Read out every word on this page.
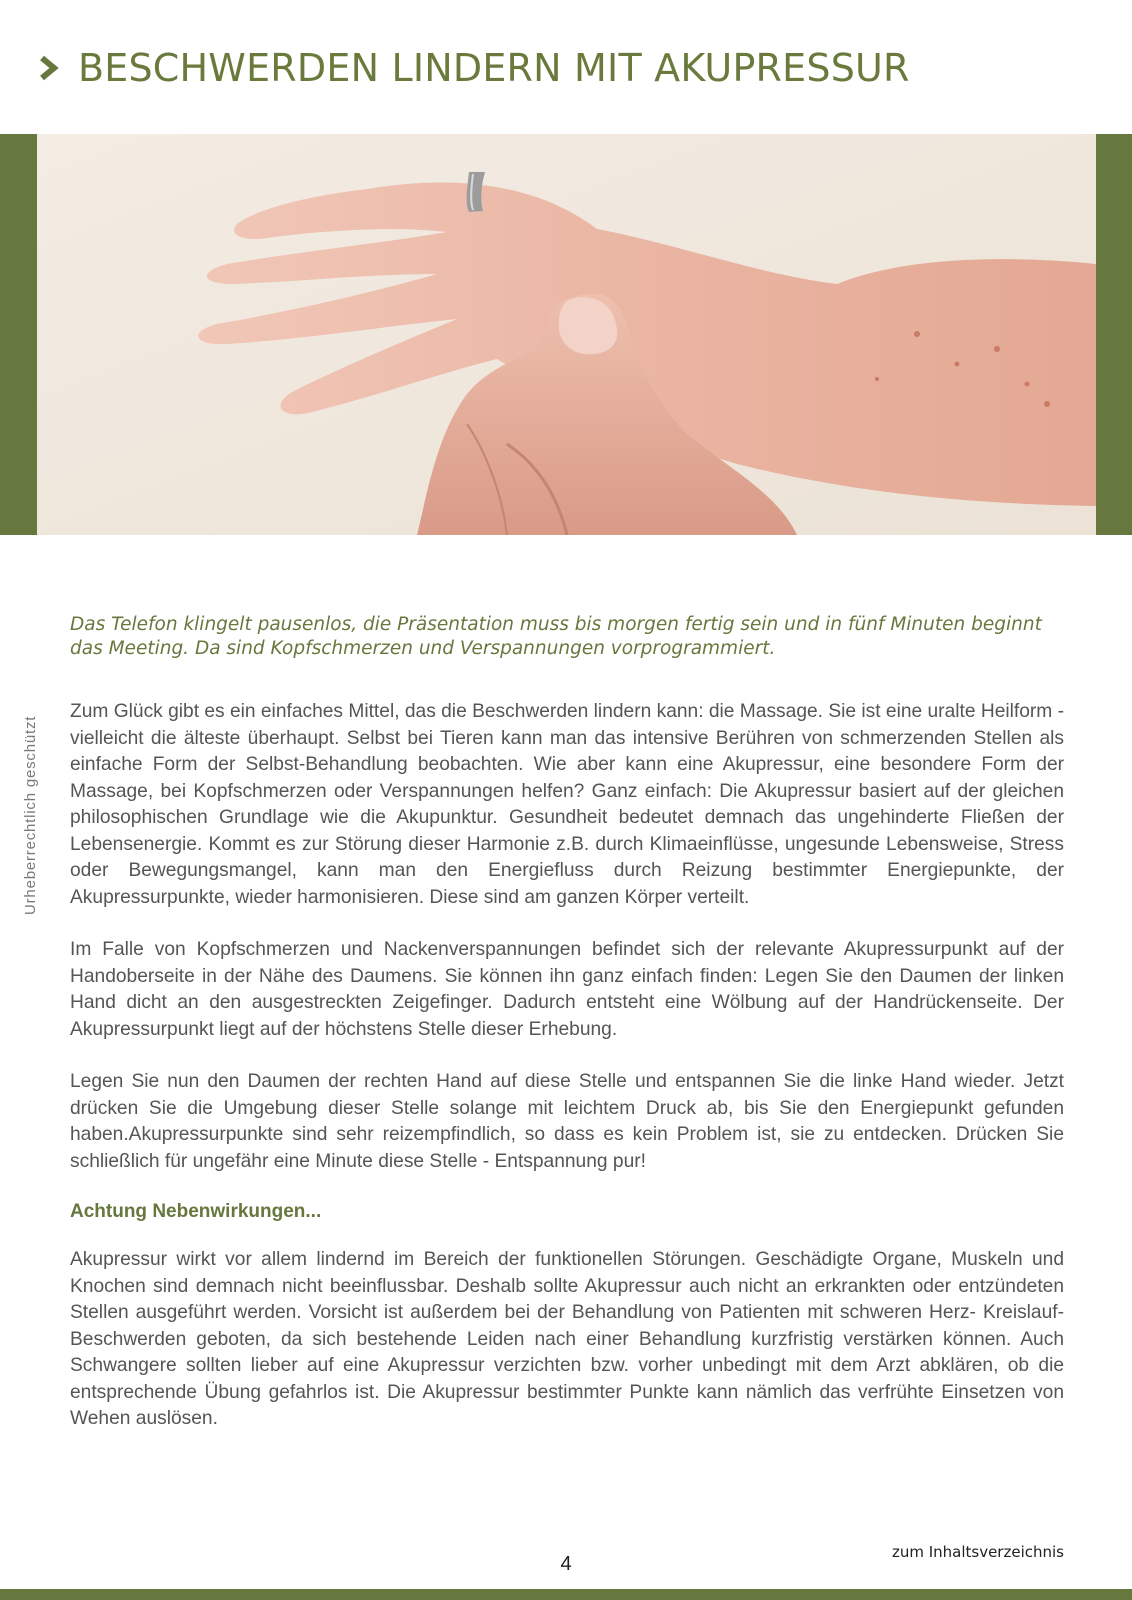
BESCHWERDEN LINDERN MIT AKUPRESSUR
Urheberrechtlich geschützt

Das Telefon klingelt pausenlos, die Präsentation muss bis morgen fertig sein und in fünf Minuten beginnt das Meeting. Da sind Kopfschmerzen und Verspannungen vorprogrammiert.

Zum Glück gibt es ein einfaches Mittel, das die Beschwerden lindern kann: die Massage. Sie ist eine uralte Heilform - vielleicht die älteste überhaupt. Selbst bei Tieren kann man das intensive Berühren von schmerzenden Stellen als einfache Form der Selbst-Behandlung beobachten. Wie aber kann eine Akupressur, eine besondere Form der Massage, bei Kopfschmerzen oder Verspannungen helfen? Ganz einfach: Die Akupressur basiert auf der gleichen philosophischen Grundlage wie die Akupunktur. Gesundheit bedeutet demnach das ungehinderte Fließen der Lebensenergie. Kommt es zur Störung dieser Harmonie z.B. durch Klimaeinflüsse, ungesunde Lebensweise, Stress oder Bewegungsmangel, kann man den Energiefluss durch Reizung bestimmter Energiepunkte, der Akupressurpunkte, wieder harmonisieren. Diese sind am ganzen Körper verteilt.

Im Falle von Kopfschmerzen und Nackenverspannungen befindet sich der relevante Akupressurpunkt auf der Handoberseite in der Nähe des Daumens. Sie können ihn ganz einfach finden: Legen Sie den Daumen der linken Hand dicht an den ausgestreckten Zeigefinger. Dadurch entsteht eine Wölbung auf der Handrückenseite. Der Akupressurpunkt liegt auf der höchstens Stelle dieser Erhebung.

Legen Sie nun den Daumen der rechten Hand auf diese Stelle und entspannen Sie die linke Hand wieder. Jetzt drücken Sie die Umgebung dieser Stelle solange mit leichtem Druck ab, bis Sie den Energiepunkt gefunden haben.Akupressurpunkte sind sehr reizempfindlich, so dass es kein Problem ist, sie zu entdecken. Drücken Sie schließlich für ungefähr eine Minute diese Stelle - Entspannung pur!

Achtung Nebenwirkungen...

Akupressur wirkt vor allem lindernd im Bereich der funktionellen Störungen. Geschädigte Organe, Muskeln und Knochen sind demnach nicht beeinflussbar. Deshalb sollte Akupressur auch nicht an erkrankten oder entzündeten Stellen ausgeführt werden. Vorsicht ist außerdem bei der Behandlung von Patienten mit schweren Herz- Kreislauf- Beschwerden geboten, da sich bestehende Leiden nach einer Behandlung kurzfristig verstärken können. Auch Schwangere sollten lieber auf eine Akupressur verzichten bzw. vorher unbedingt mit dem Arzt abklären, ob die entsprechende Übung gefahrlos ist. Die Akupressur bestimmter Punkte kann nämlich das verfrühte Einsetzen von Wehen auslösen.

4
zum Inhaltsverzeichnis
